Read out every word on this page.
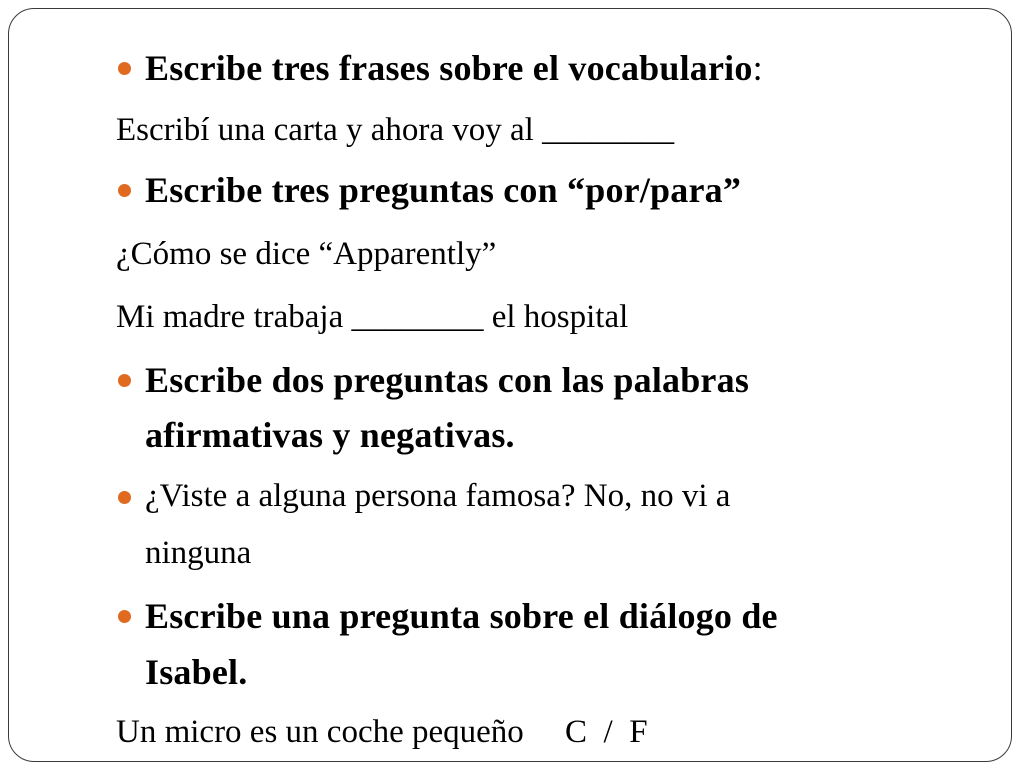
Escribe tres frases sobre el vocabulario:
Escribí una carta y ahora voy al ________
Escribe tres preguntas con “por/para”
¿Cómo se dice “Apparently”
Mi madre trabaja ________ el hospital
Escribe dos preguntas con las palabras
afirmativas y negativas.
¿Viste a alguna persona famosa? No, no vi a
ninguna
Escribe una pregunta sobre el diálogo de
Isabel.
Un micro es un coche pequeño     C  /  F
